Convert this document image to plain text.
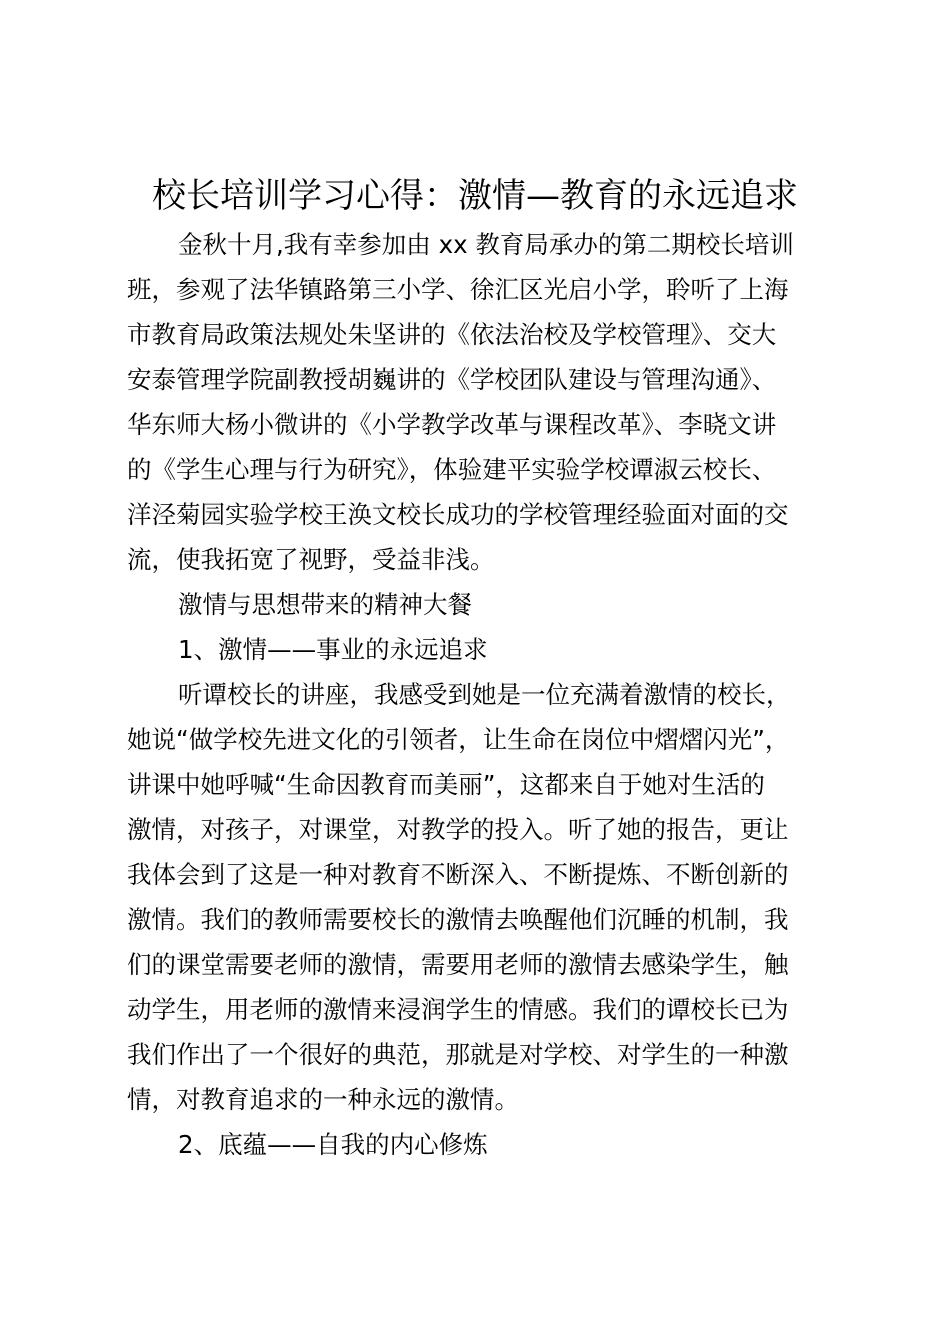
校长培训学习心得：激情—教育的永远追求
金秋十月,我有幸参加由 xx 教育局承办的第二期校长培训
班，参观了法华镇路第三小学、徐汇区光启小学，聆听了上海
市教育局政策法规处朱坚讲的《依法治校及学校管理》、交大
安泰管理学院副教授胡巍讲的《学校团队建设与管理沟通》、
华东师大杨小微讲的《小学教学改革与课程改革》、李晓文讲
的《学生心理与行为研究》，体验建平实验学校谭淑云校长、
洋泾菊园实验学校王涣文校长成功的学校管理经验面对面的交
流，使我拓宽了视野，受益非浅。
激情与思想带来的精神大餐
1、激情——事业的永远追求
听谭校长的讲座，我感受到她是一位充满着激情的校长，
她说“做学校先进文化的引领者，让生命在岗位中熠熠闪光”，
讲课中她呼喊“生命因教育而美丽”，这都来自于她对生活的
激情，对孩子，对课堂，对教学的投入。听了她的报告，更让
我体会到了这是一种对教育不断深入、不断提炼、不断创新的
激情。我们的教师需要校长的激情去唤醒他们沉睡的机制，我
们的课堂需要老师的激情，需要用老师的激情去感染学生，触
动学生，用老师的激情来浸润学生的情感。我们的谭校长已为
我们作出了一个很好的典范，那就是对学校、对学生的一种激
情，对教育追求的一种永远的激情。
2、底蕴——自我的内心修炼
